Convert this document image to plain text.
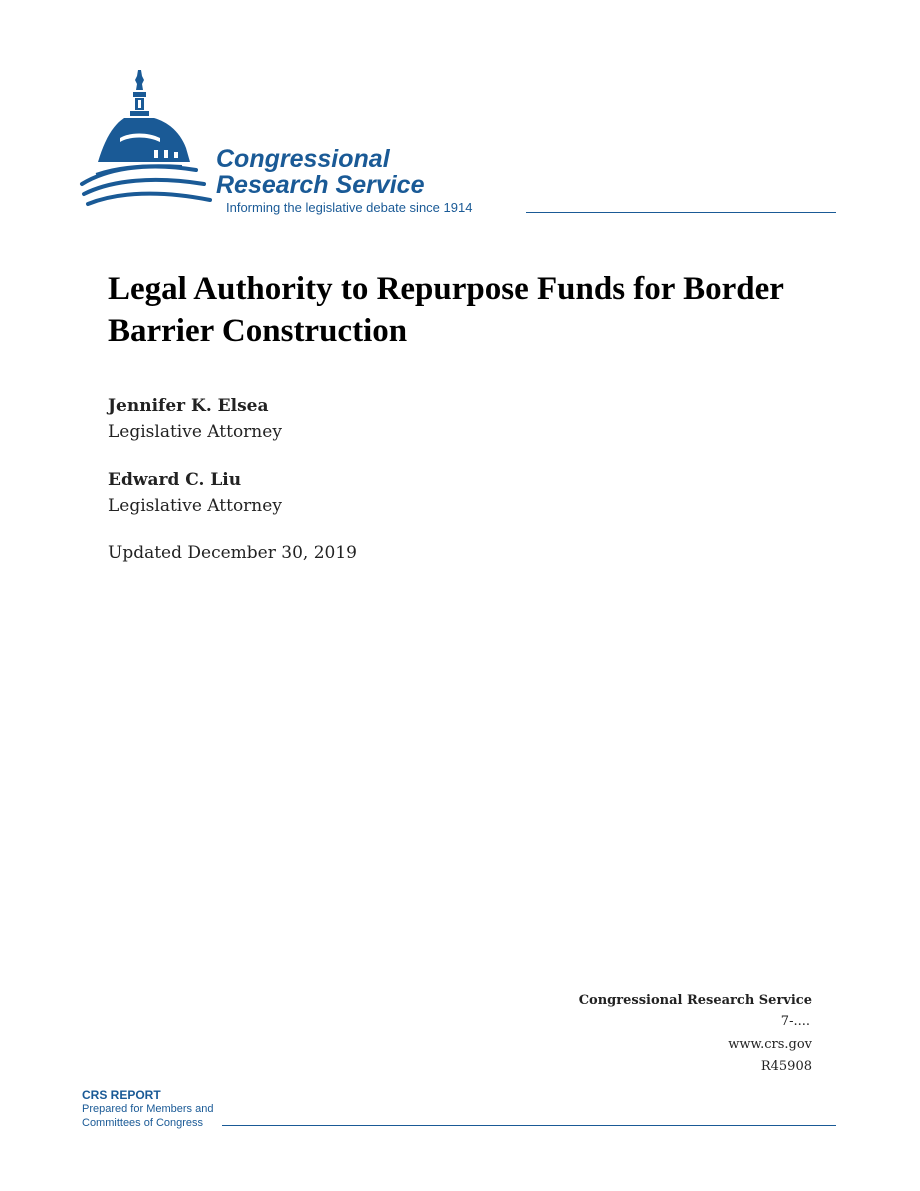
Congressional
Research Service
Informing the legislative debate since 1914
Legal Authority to Repurpose Funds for Border Barrier Construction
Jennifer K. Elsea
Legislative Attorney
Edward C. Liu
Legislative Attorney
Updated December 30, 2019
Congressional Research Service
7-....
www.crs.gov
R45908
CRS REPORT
Prepared for Members and
Committees of Congress
